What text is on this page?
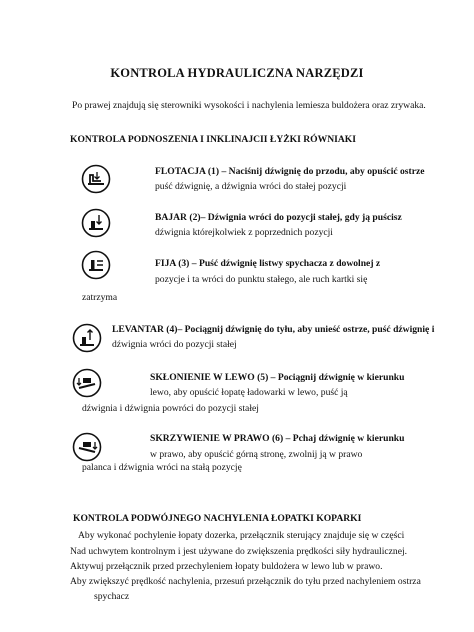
KONTROLA HYDRAULICZNA NARZĘDZI
Po prawej znajdują się sterowniki wysokości i nachylenia lemiesza buldożera oraz zrywaka.
KONTROLA PODNOSZENIA I INKLINAJCII ŁYŻKI RÓWNIAKI
FLOTACJA (1) – Naciśnij dźwignię do przodu, aby opuścić ostrze
puść dźwignię, a dźwignia wróci do stałej pozycji
BAJAR (2)– Dźwignia wróci do pozycji stałej, gdy ją puścisz
dźwignia którejkolwiek z poprzednich pozycji
FIJA (3) – Puść dźwignię listwy spychacza z dowolnej z
pozycje i ta wróci do punktu stałego, ale ruch kartki się
zatrzyma
LEVANTAR (4)– Pociągnij dźwignię do tyłu, aby unieść ostrze, puść dźwignię i
dźwignia wróci do pozycji stałej
SKŁONIENIE W LEWO (5) – Pociągnij dźwignię w kierunku
lewo, aby opuścić łopatę ładowarki w lewo, puść ją
dźwignia i dźwignia powróci do pozycji stałej
SKRZYWIENIE W PRAWO (6) – Pchaj dźwignię w kierunku
w prawo, aby opuścić górną stronę, zwolnij ją w prawo
palanca i dźwignia wróci na stałą pozycję
KONTROLA PODWÓJNEGO NACHYLENIA ŁOPATKI KOPARKI
Aby wykonać pochylenie łopaty dozerka, przełącznik sterujący znajduje się w części
Nad uchwytem kontrolnym i jest używane do zwiększenia prędkości siły hydraulicznej.
Aktywuj przełącznik przed przechyleniem łopaty buldożera w lewo lub w prawo.
Aby zwiększyć prędkość nachylenia, przesuń przełącznik do tyłu przed nachyleniem ostrza
spychacz
